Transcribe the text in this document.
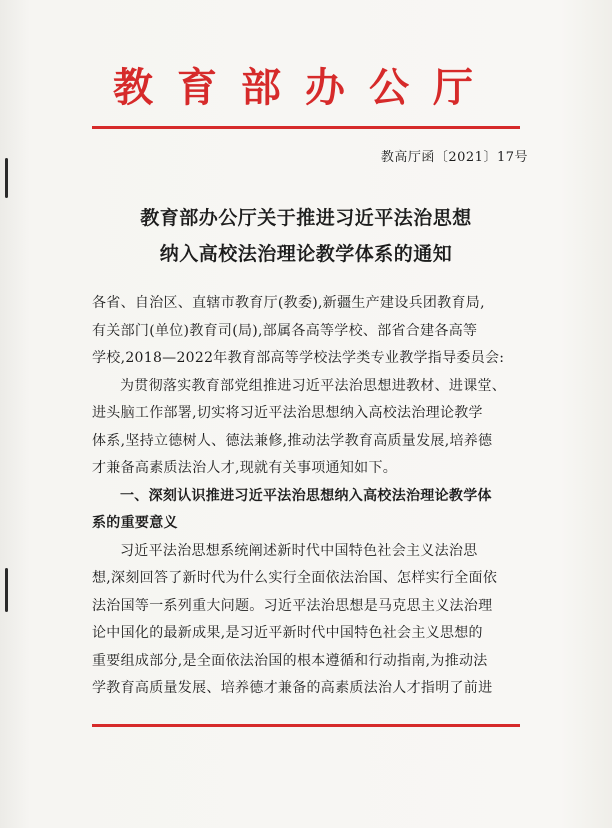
教育部办公厅
教高厅函〔2021〕17号
教育部办公厅关于推进习近平法治思想
纳入高校法治理论教学体系的通知

各省、自治区、直辖市教育厅(教委),新疆生产建设兵团教育局,

有关部门(单位)教育司(局),部属各高等学校、部省合建各高等

学校,2018—2022年教育部高等学校法学类专业教学指导委员会:

为贯彻落实教育部党组推进习近平法治思想进教材、进课堂、

进头脑工作部署,切实将习近平法治思想纳入高校法治理论教学

体系,坚持立德树人、德法兼修,推动法学教育高质量发展,培养德

才兼备高素质法治人才,现就有关事项通知如下。

一、深刻认识推进习近平法治思想纳入高校法治理论教学体

系的重要意义

习近平法治思想系统阐述新时代中国特色社会主义法治思

想,深刻回答了新时代为什么实行全面依法治国、怎样实行全面依

法治国等一系列重大问题。习近平法治思想是马克思主义法治理

论中国化的最新成果,是习近平新时代中国特色社会主义思想的

重要组成部分,是全面依法治国的根本遵循和行动指南,为推动法

学教育高质量发展、培养德才兼备的高素质法治人才指明了前进
